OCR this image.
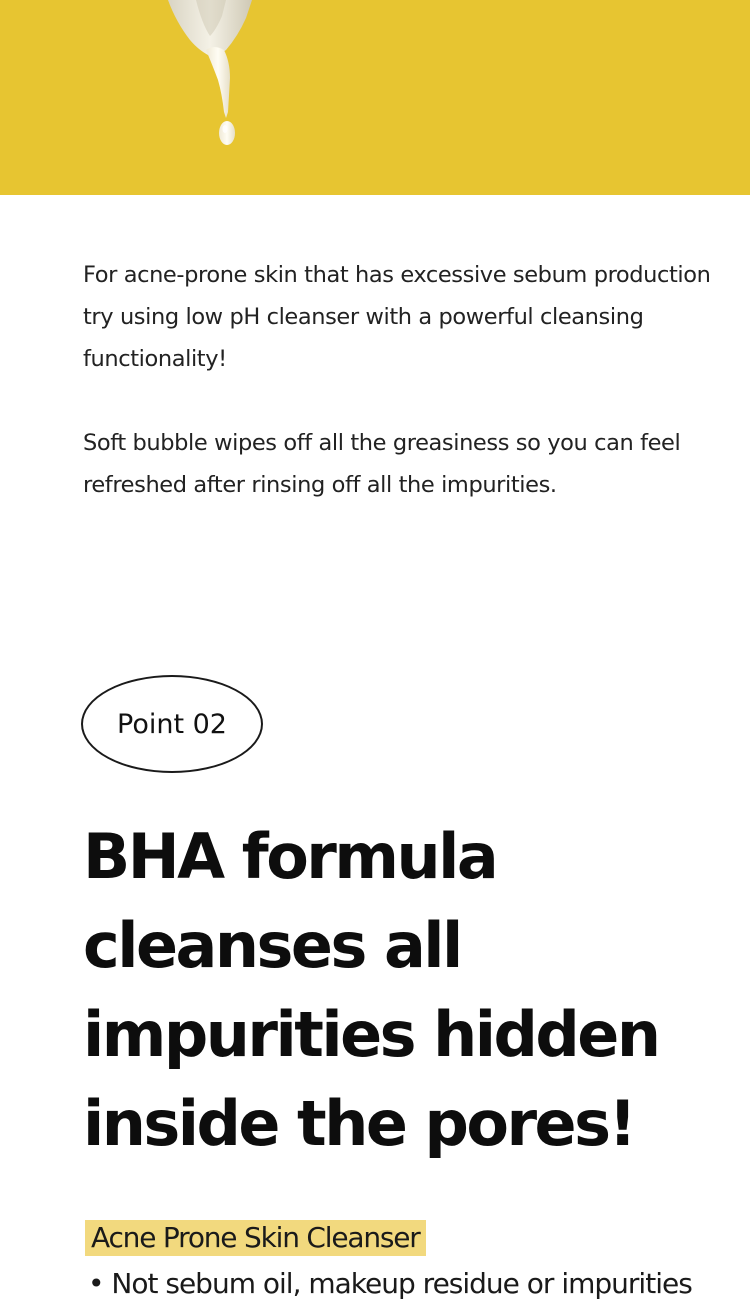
For acne-prone skin that has excessive sebum production try using low pH cleanser with a powerful cleansing functionality!

Soft bubble wipes off all the greasiness so you can feel refreshed after rinsing off all the impurities.

Point 02
BHA formula
cleanses all
impurities hidden
inside the pores!
Acne Prone Skin Cleanser
• Not sebum oil, makeup residue or impurities
